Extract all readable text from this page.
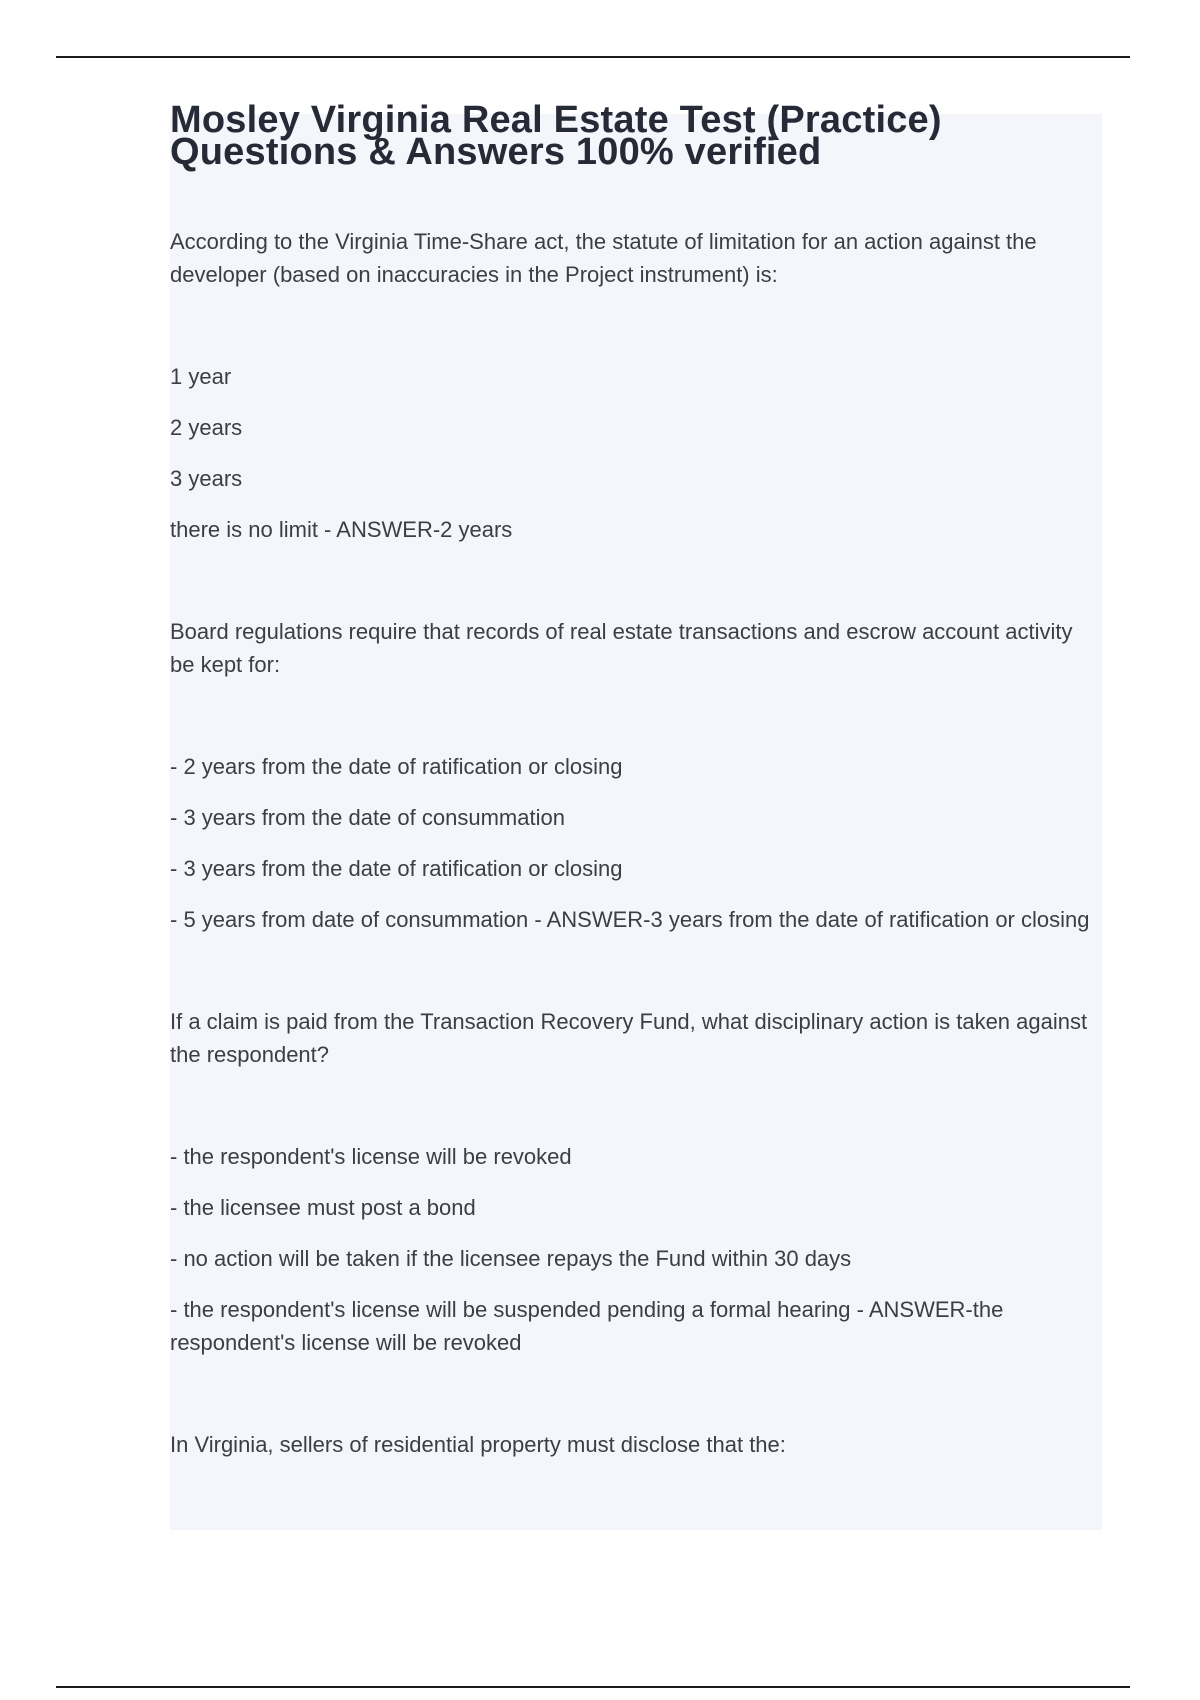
Mosley Virginia Real Estate Test (Practice)
Questions & Answers 100% verified

According to the Virginia Time-Share act, the statute of limitation for an action against the developer (based on inaccuracies in the Project instrument) is:

1 year
2 years
3 years
there is no limit - ANSWER-2 years

Board regulations require that records of real estate transactions and escrow account activity be kept for:

- 2 years from the date of ratification or closing
- 3 years from the date of consummation
- 3 years from the date of ratification or closing
- 5 years from date of consummation - ANSWER-3 years from the date of ratification or closing

If a claim is paid from the Transaction Recovery Fund, what disciplinary action is taken against the respondent?

- the respondent's license will be revoked
- the licensee must post a bond
- no action will be taken if the licensee repays the Fund within 30 days
- the respondent's license will be suspended pending a formal hearing - ANSWER-the respondent's license will be revoked

In Virginia, sellers of residential property must disclose that the:
